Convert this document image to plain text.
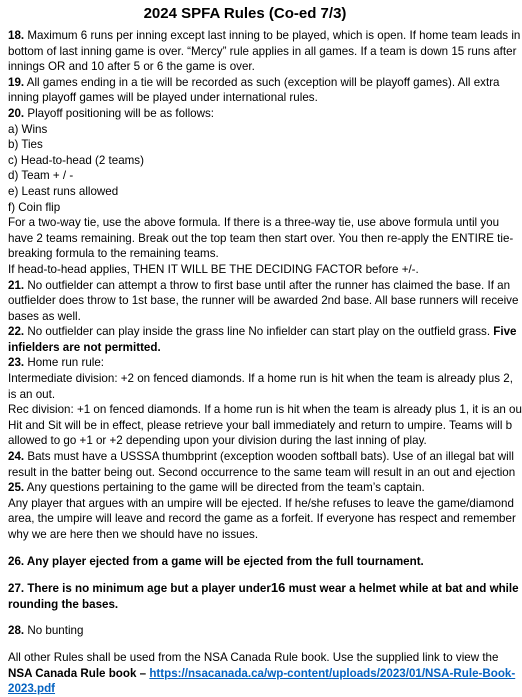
2024 SPFA Rules (Co-ed 7/3)
18. Maximum 6 runs per inning except last inning to be played, which is open. If home team leads in
bottom of last inning game is over. “Mercy” rule applies in all games. If a team is down 15 runs after
innings OR and 10 after 5 or 6 the game is over.
19. All games ending in a tie will be recorded as such (exception will be playoff games). All extra
inning playoff games will be played under international rules.
20. Playoff positioning will be as follows:
a) Wins
b) Ties
c) Head-to-head (2 teams)
d) Team + / -
e) Least runs allowed
f) Coin flip
For a two-way tie, use the above formula. If there is a three-way tie, use above formula until you
have 2 teams remaining. Break out the top team then start over. You then re-apply the ENTIRE tie-
breaking formula to the remaining teams.
If head-to-head applies, THEN IT WILL BE THE DECIDING FACTOR before +/-.
21. No outfielder can attempt a throw to first base until after the runner has claimed the base. If an
outfielder does throw to 1st base, the runner will be awarded 2nd base. All base runners will receive
bases as well.
22. No outfielder can play inside the grass line No infielder can start play on the outfield grass. Five
infielders are not permitted.
23. Home run rule:
Intermediate division: +2 on fenced diamonds. If a home run is hit when the team is already plus 2,
is an out.
Rec division: +1 on fenced diamonds. If a home run is hit when the team is already plus 1, it is an ou
Hit and Sit will be in effect, please retrieve your ball immediately and return to umpire. Teams will b
allowed to go +1 or +2 depending upon your division during the last inning of play.
24. Bats must have a USSSA thumbprint (exception wooden softball bats). Use of an illegal bat will
result in the batter being out. Second occurrence to the same team will result in an out and ejection
25. Any questions pertaining to the game will be directed from the team’s captain.
Any player that argues with an umpire will be ejected. If he/she refuses to leave the game/diamond
area, the umpire will leave and record the game as a forfeit. If everyone has respect and remember
why we are here then we should have no issues.
26. Any player ejected from a game will be ejected from the full tournament.
27. There is no minimum age but a player under16 must wear a helmet while at bat and while
rounding the bases.
28. No bunting
All other Rules shall be used from the NSA Canada Rule book. Use the supplied link to view the
NSA Canada Rule book – https://nsacanada.ca/wp-content/uploads/2023/01/NSA-Rule-Book-
2023.pdf
